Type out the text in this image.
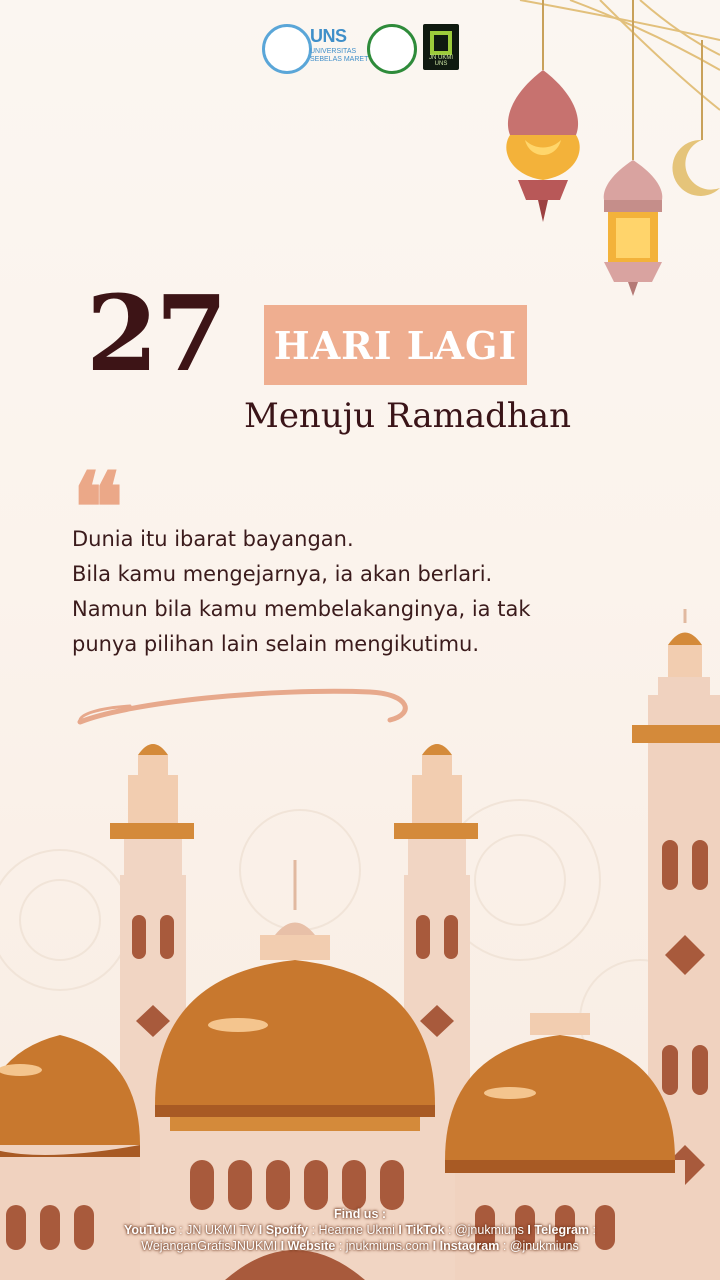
UNS
UNIVERSITAS SEBELAS MARET	JN UKMI UNS
27 HARI LAGI
Menuju Ramadhan
❝
Dunia itu ibarat bayangan.
Bila kamu mengejarnya, ia akan berlari.
Namun bila kamu membelakanginya, ia tak
punya pilihan lain selain mengikutimu.
Find us :
YouTube : JN UKMI TV I Spotify : Hearme Ukmi I TikTok : @jnukmiuns I Telegram :
WejanganGrafisJNUKMI I Website : jnukmiuns.com I Instagram : @jnukmiuns
